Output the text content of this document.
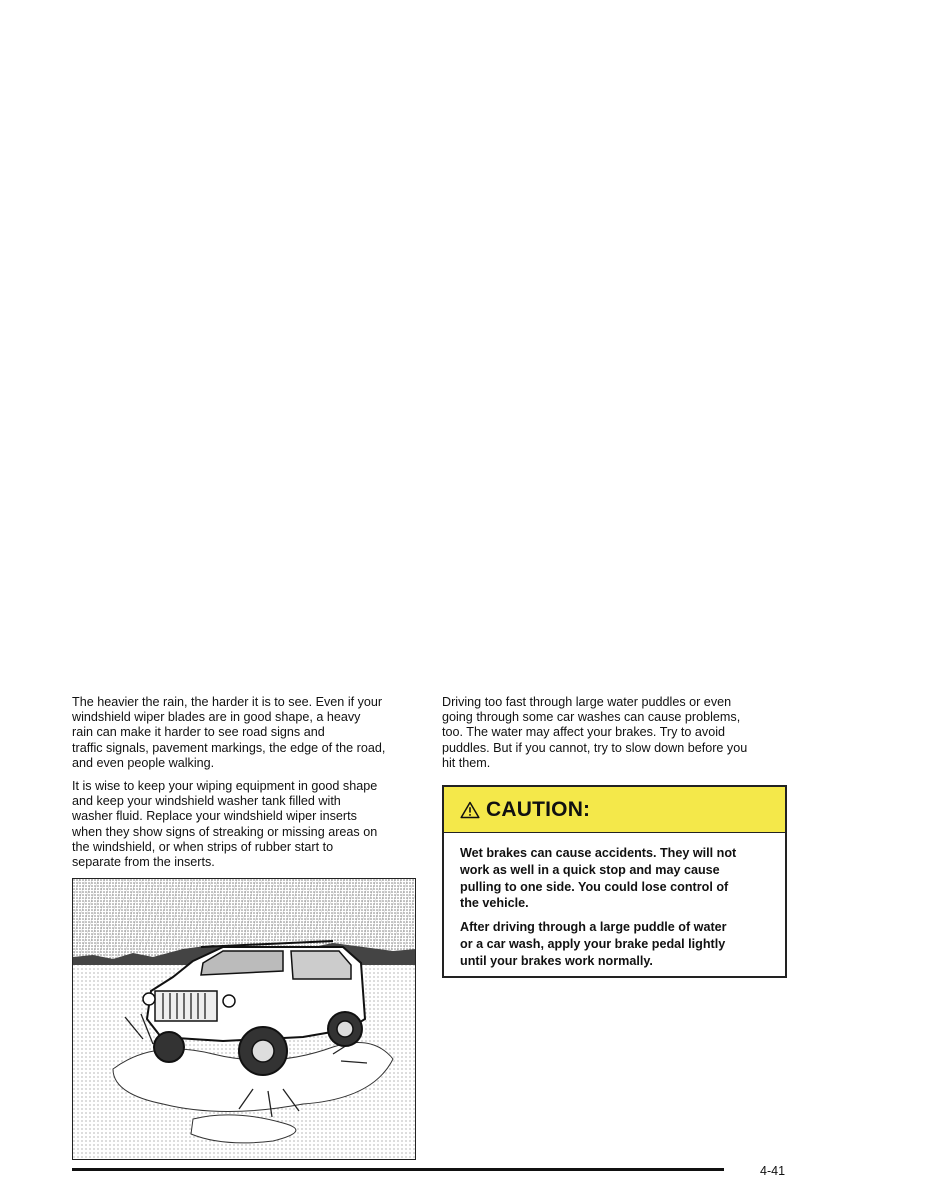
The heavier the rain, the harder it is to see. Even if your
windshield wiper blades are in good shape, a heavy
rain can make it harder to see road signs and
traffic signals, pavement markings, the edge of the road,
and even people walking.

It is wise to keep your wiping equipment in good shape
and keep your windshield washer tank filled with
washer fluid. Replace your windshield wiper inserts
when they show signs of streaking or missing areas on
the windshield, or when strips of rubber start to
separate from the inserts.

Driving too fast through large water puddles or even
going through some car washes can cause problems,
too. The water may affect your brakes. Try to avoid
puddles. But if you cannot, try to slow down before you
hit them.

CAUTION:

Wet brakes can cause accidents. They will not
work as well in a quick stop and may cause
pulling to one side. You could lose control of
the vehicle.

After driving through a large puddle of water
or a car wash, apply your brake pedal lightly
until your brakes work normally.

4-41
